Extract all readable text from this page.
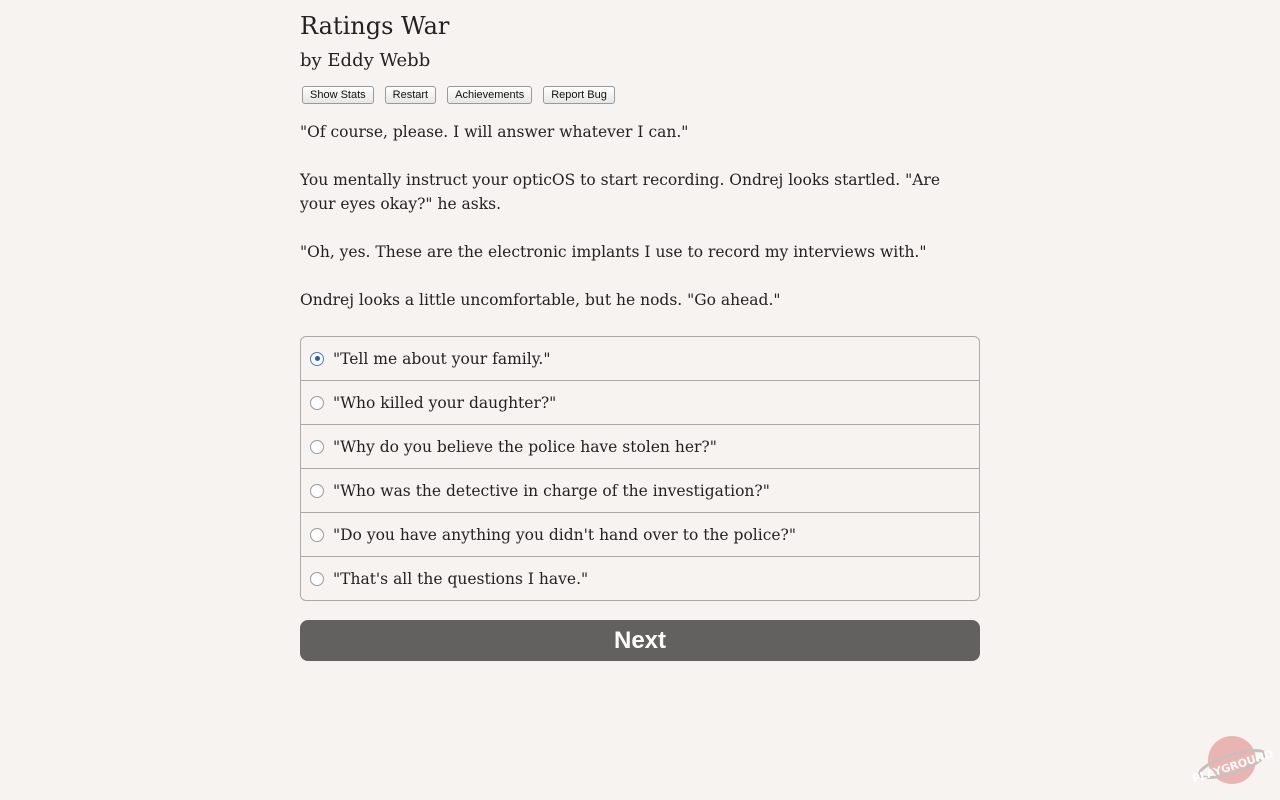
Ratings War
by Eddy Webb
Show Stats	Restart	Achievements	Report Bug

"Of course, please. I will answer whatever I can."

You mentally instruct your opticOS to start recording. Ondrej looks startled. "Are your eyes okay?" he asks.

"Oh, yes. These are the electronic implants I use to record my interviews with."

Ondrej looks a little uncomfortable, but he nods. "Go ahead."

"Tell me about your family."
"Who killed your daughter?"
"Why do you believe the police have stolen her?"
"Who was the detective in charge of the investigation?"
"Do you have anything you didn't hand over to the police?"
"That's all the questions I have."
Next
PLAYGROUND
